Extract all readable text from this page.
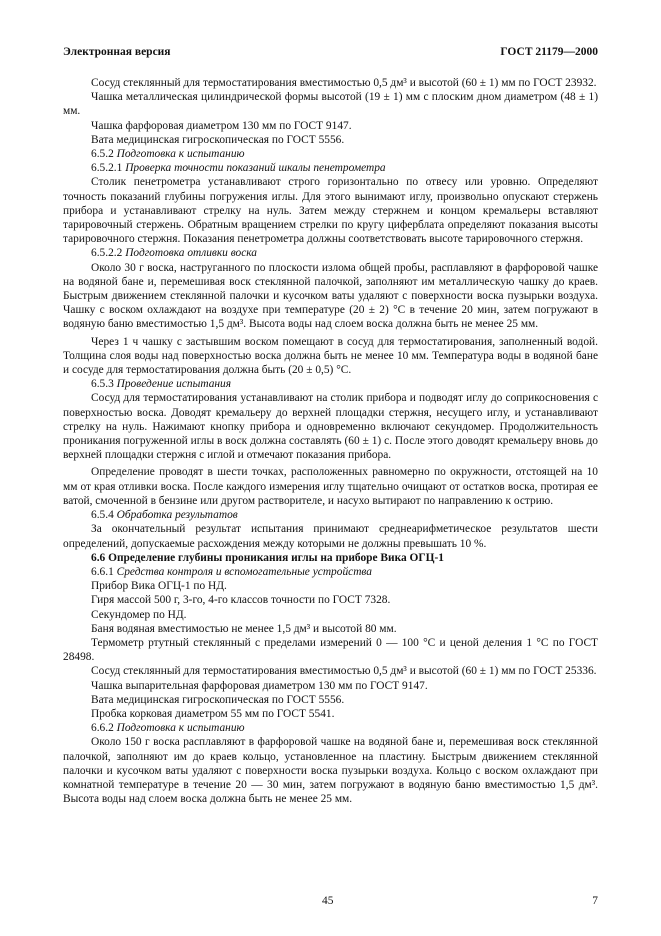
Электронная версия	ГОСТ 21179—2000

Сосуд стеклянный для термостатирования вместимостью 0,5 дм³ и высотой (60 ± 1) мм по ГОСТ 23932.

Чашка металлическая цилиндрической формы высотой (19 ± 1) мм с плоским дном диаметром (48 ± 1) мм.

Чашка фарфоровая диаметром 130 мм по ГОСТ 9147.

Вата медицинская гигроскопическая по ГОСТ 5556.

6.5.2 Подготовка к испытанию

6.5.2.1 Проверка точности показаний шкалы пенетрометра

Столик пенетрометра устанавливают строго горизонтально по отвесу или уровню. Определяют точность показаний глубины погружения иглы. Для этого вынимают иглу, произвольно опускают стержень прибора и устанавливают стрелку на нуль. Затем между стержнем и концом кремальеры вставляют тарировочный стержень. Обратным вращением стрелки по кругу циферблата определяют показания высоты тарировочного стержня. Показания пенетрометра должны соответствовать высоте тарировочного стержня.

6.5.2.2 Подготовка отливки воска

Около 30 г воска, наструганного по плоскости излома общей пробы, расплавляют в фарфоровой чашке на водяной бане и, перемешивая воск стеклянной палочкой, заполняют им металлическую чашку до краев. Быстрым движением стеклянной палочки и кусочком ваты удаляют с поверхности воска пузырьки воздуха. Чашку с воском охлаждают на воздухе при температуре (20 ± 2) °С в течение 20 мин, затем погружают в водяную баню вместимостью 1,5 дм³. Высота воды над слоем воска должна быть не менее 25 мм.

Через 1 ч чашку с застывшим воском помещают в сосуд для термостатирования, заполненный водой. Толщина слоя воды над поверхностью воска должна быть не менее 10 мм. Температура воды в водяной бане и сосуде для термостатирования должна быть (20 ± 0,5) °С.

6.5.3 Проведение испытания

Сосуд для термостатирования устанавливают на столик прибора и подводят иглу до соприкосновения с поверхностью воска. Доводят кремальеру до верхней площадки стержня, несущего иглу, и устанавливают стрелку на нуль. Нажимают кнопку прибора и одновременно включают секундомер. Продолжительность проникания погруженной иглы в воск должна составлять (60 ± 1) с. После этого доводят кремальеру вновь до верхней площадки стержня с иглой и отмечают показания прибора.

Определение проводят в шести точках, расположенных равномерно по окружности, отстоящей на 10 мм от края отливки воска. После каждого измерения иглу тщательно очищают от остатков воска, протирая ее ватой, смоченной в бензине или другом растворителе, и насухо вытирают по направлению к острию.

6.5.4 Обработка результатов

За окончательный результат испытания принимают среднеарифметическое результатов шести определений, допускаемые расхождения между которыми не должны превышать 10 %.

6.6 Определение глубины проникания иглы на приборе Вика ОГЦ-1

6.6.1 Средства контроля и вспомогательные устройства

Прибор Вика ОГЦ-1 по НД.

Гиря массой 500 г, 3-го, 4-го классов точности по ГОСТ 7328.

Секундомер по НД.

Баня водяная вместимостью не менее 1,5 дм³ и высотой 80 мм.

Термометр ртутный стеклянный с пределами измерений 0 — 100 °С и ценой деления 1 °С по ГОСТ 28498.

Сосуд стеклянный для термостатирования вместимостью 0,5 дм³ и высотой (60 ± 1) мм по ГОСТ 25336.

Чашка выпарительная фарфоровая диаметром 130 мм по ГОСТ 9147.

Вата медицинская гигроскопическая по ГОСТ 5556.

Пробка корковая диаметром 55 мм по ГОСТ 5541.

6.6.2 Подготовка к испытанию

Около 150 г воска расплавляют в фарфоровой чашке на водяной бане и, перемешивая воск стеклянной палочкой, заполняют им до краев кольцо, установленное на пластину. Быстрым движением стеклянной палочки и кусочком ваты удаляют с поверхности воска пузырьки воздуха. Кольцо с воском охлаждают при комнатной температуре в течение 20 — 30 мин, затем погружают в водяную баню вместимостью 1,5 дм³. Высота воды над слоем воска должна быть не менее 25 мм.

45	7
